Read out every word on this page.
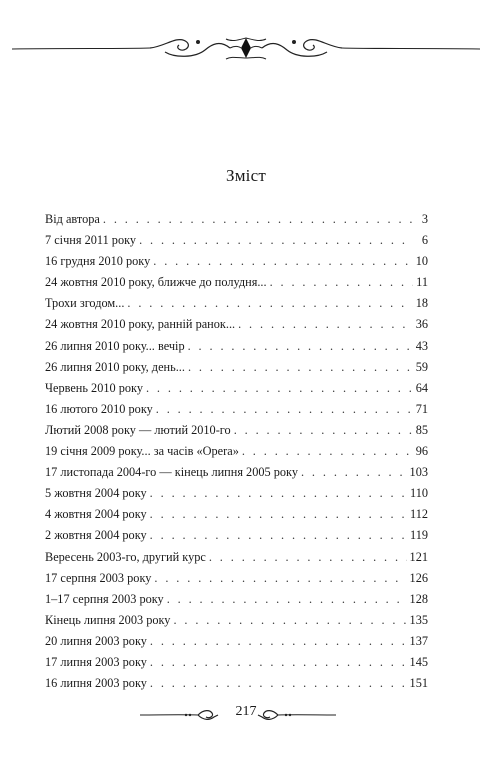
Зміст
Від автора . . .	3
7 січня 2011 року . . .	6
16 грудня 2010 року . . .	10
24 жовтня 2010 року, ближче до полудня... . . .	11
Трохи згодом... . . .	18
24 жовтня 2010 року, ранній ранок... . . .	36
26 липня 2010 року... вечір . . .	43
26 липня 2010 року, день... . . .	59
Червень 2010 року . . .	64
16 лютого 2010 року . . .	71
Лютий 2008 року — лютий 2010-го . . .	85
19 січня 2009 року... за часів «Opera» . . .	96
17 листопада 2004-го — кінець липня 2005 року . . .	103
5 жовтня 2004 року . . .	110
4 жовтня 2004 року . . .	112
2 жовтня 2004 року . . .	119
Вересень 2003-го, другий курс . . .	121
17 серпня 2003 року . . .	126
1–17 серпня 2003 року . . .	128
Кінець липня 2003 року . . .	135
20 липня 2003 року . . .	137
17 липня 2003 року . . .	145
16 липня 2003 року . . .	151
217
